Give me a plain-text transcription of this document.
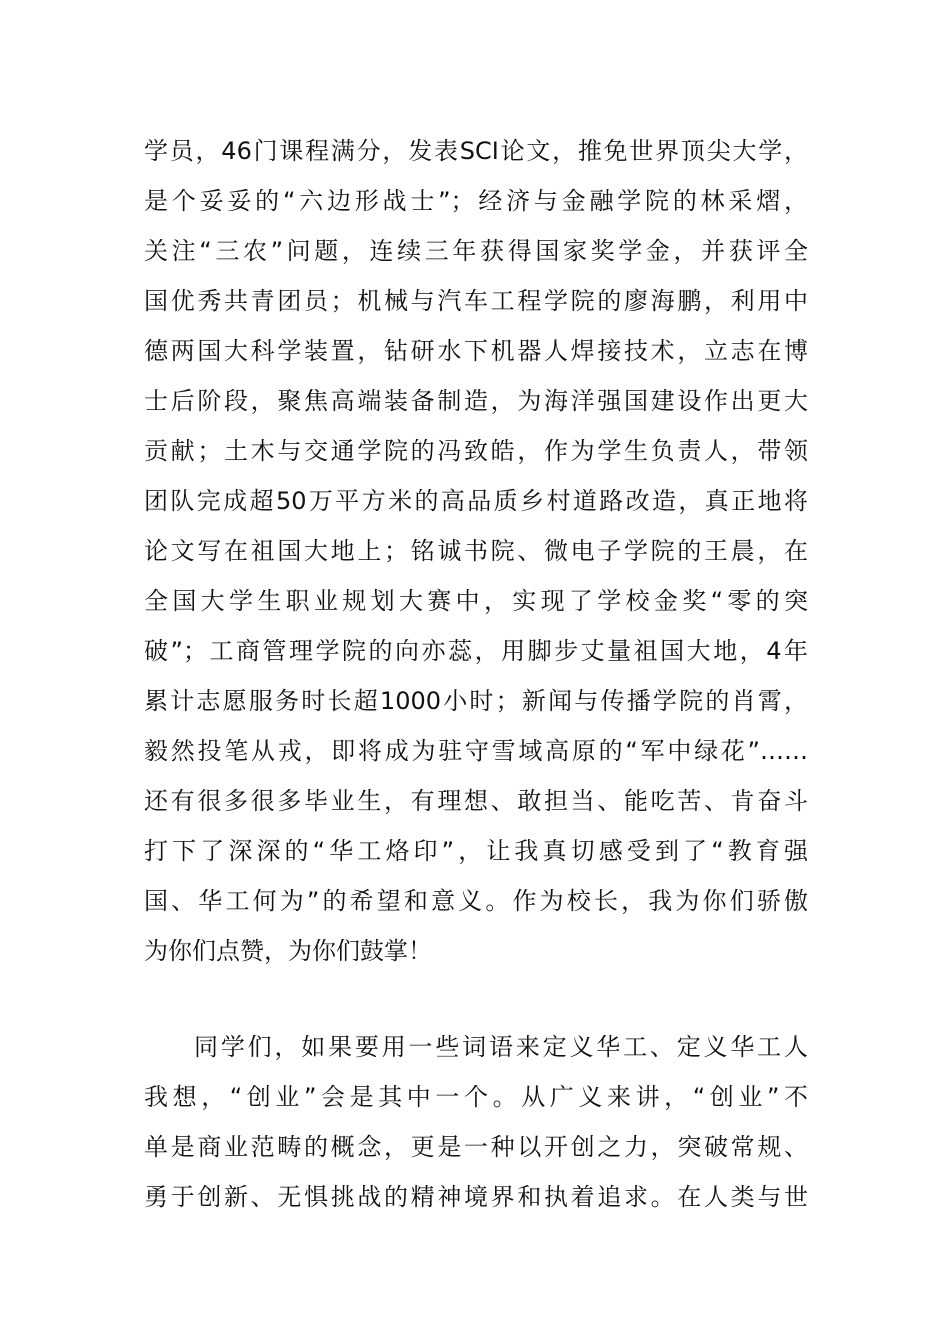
学员，46门课程满分，发表SCI论文，推免世界顶尖大学，
是个妥妥的“六边形战士”；经济与金融学院的林采熠，
关注“三农”问题，连续三年获得国家奖学金，并获评全
国优秀共青团员；机械与汽车工程学院的廖海鹏，利用中
德两国大科学装置，钻研水下机器人焊接技术，立志在博
士后阶段，聚焦高端装备制造，为海洋强国建设作出更大
贡献；土木与交通学院的冯致皓，作为学生负责人，带领
团队完成超50万平方米的高品质乡村道路改造，真正地将
论文写在祖国大地上；铭诚书院、微电子学院的王晨，在
全国大学生职业规划大赛中，实现了学校金奖“零的突
破”；工商管理学院的向亦蕊，用脚步丈量祖国大地，4年
累计志愿服务时长超1000小时；新闻与传播学院的肖霄，
毅然投笔从戎，即将成为驻守雪域高原的“军中绿花”……
还有很多很多毕业生，有理想、敢担当、能吃苦、肯奋斗
打下了深深的“华工烙印”，让我真切感受到了“教育强
国、华工何为”的希望和意义。作为校长，我为你们骄傲
为你们点赞，为你们鼓掌！
同学们，如果要用一些词语来定义华工、定义华工人
我想，“创业”会是其中一个。从广义来讲，“创业”不
单是商业范畴的概念，更是一种以开创之力，突破常规、
勇于创新、无惧挑战的精神境界和执着追求。在人类与世
